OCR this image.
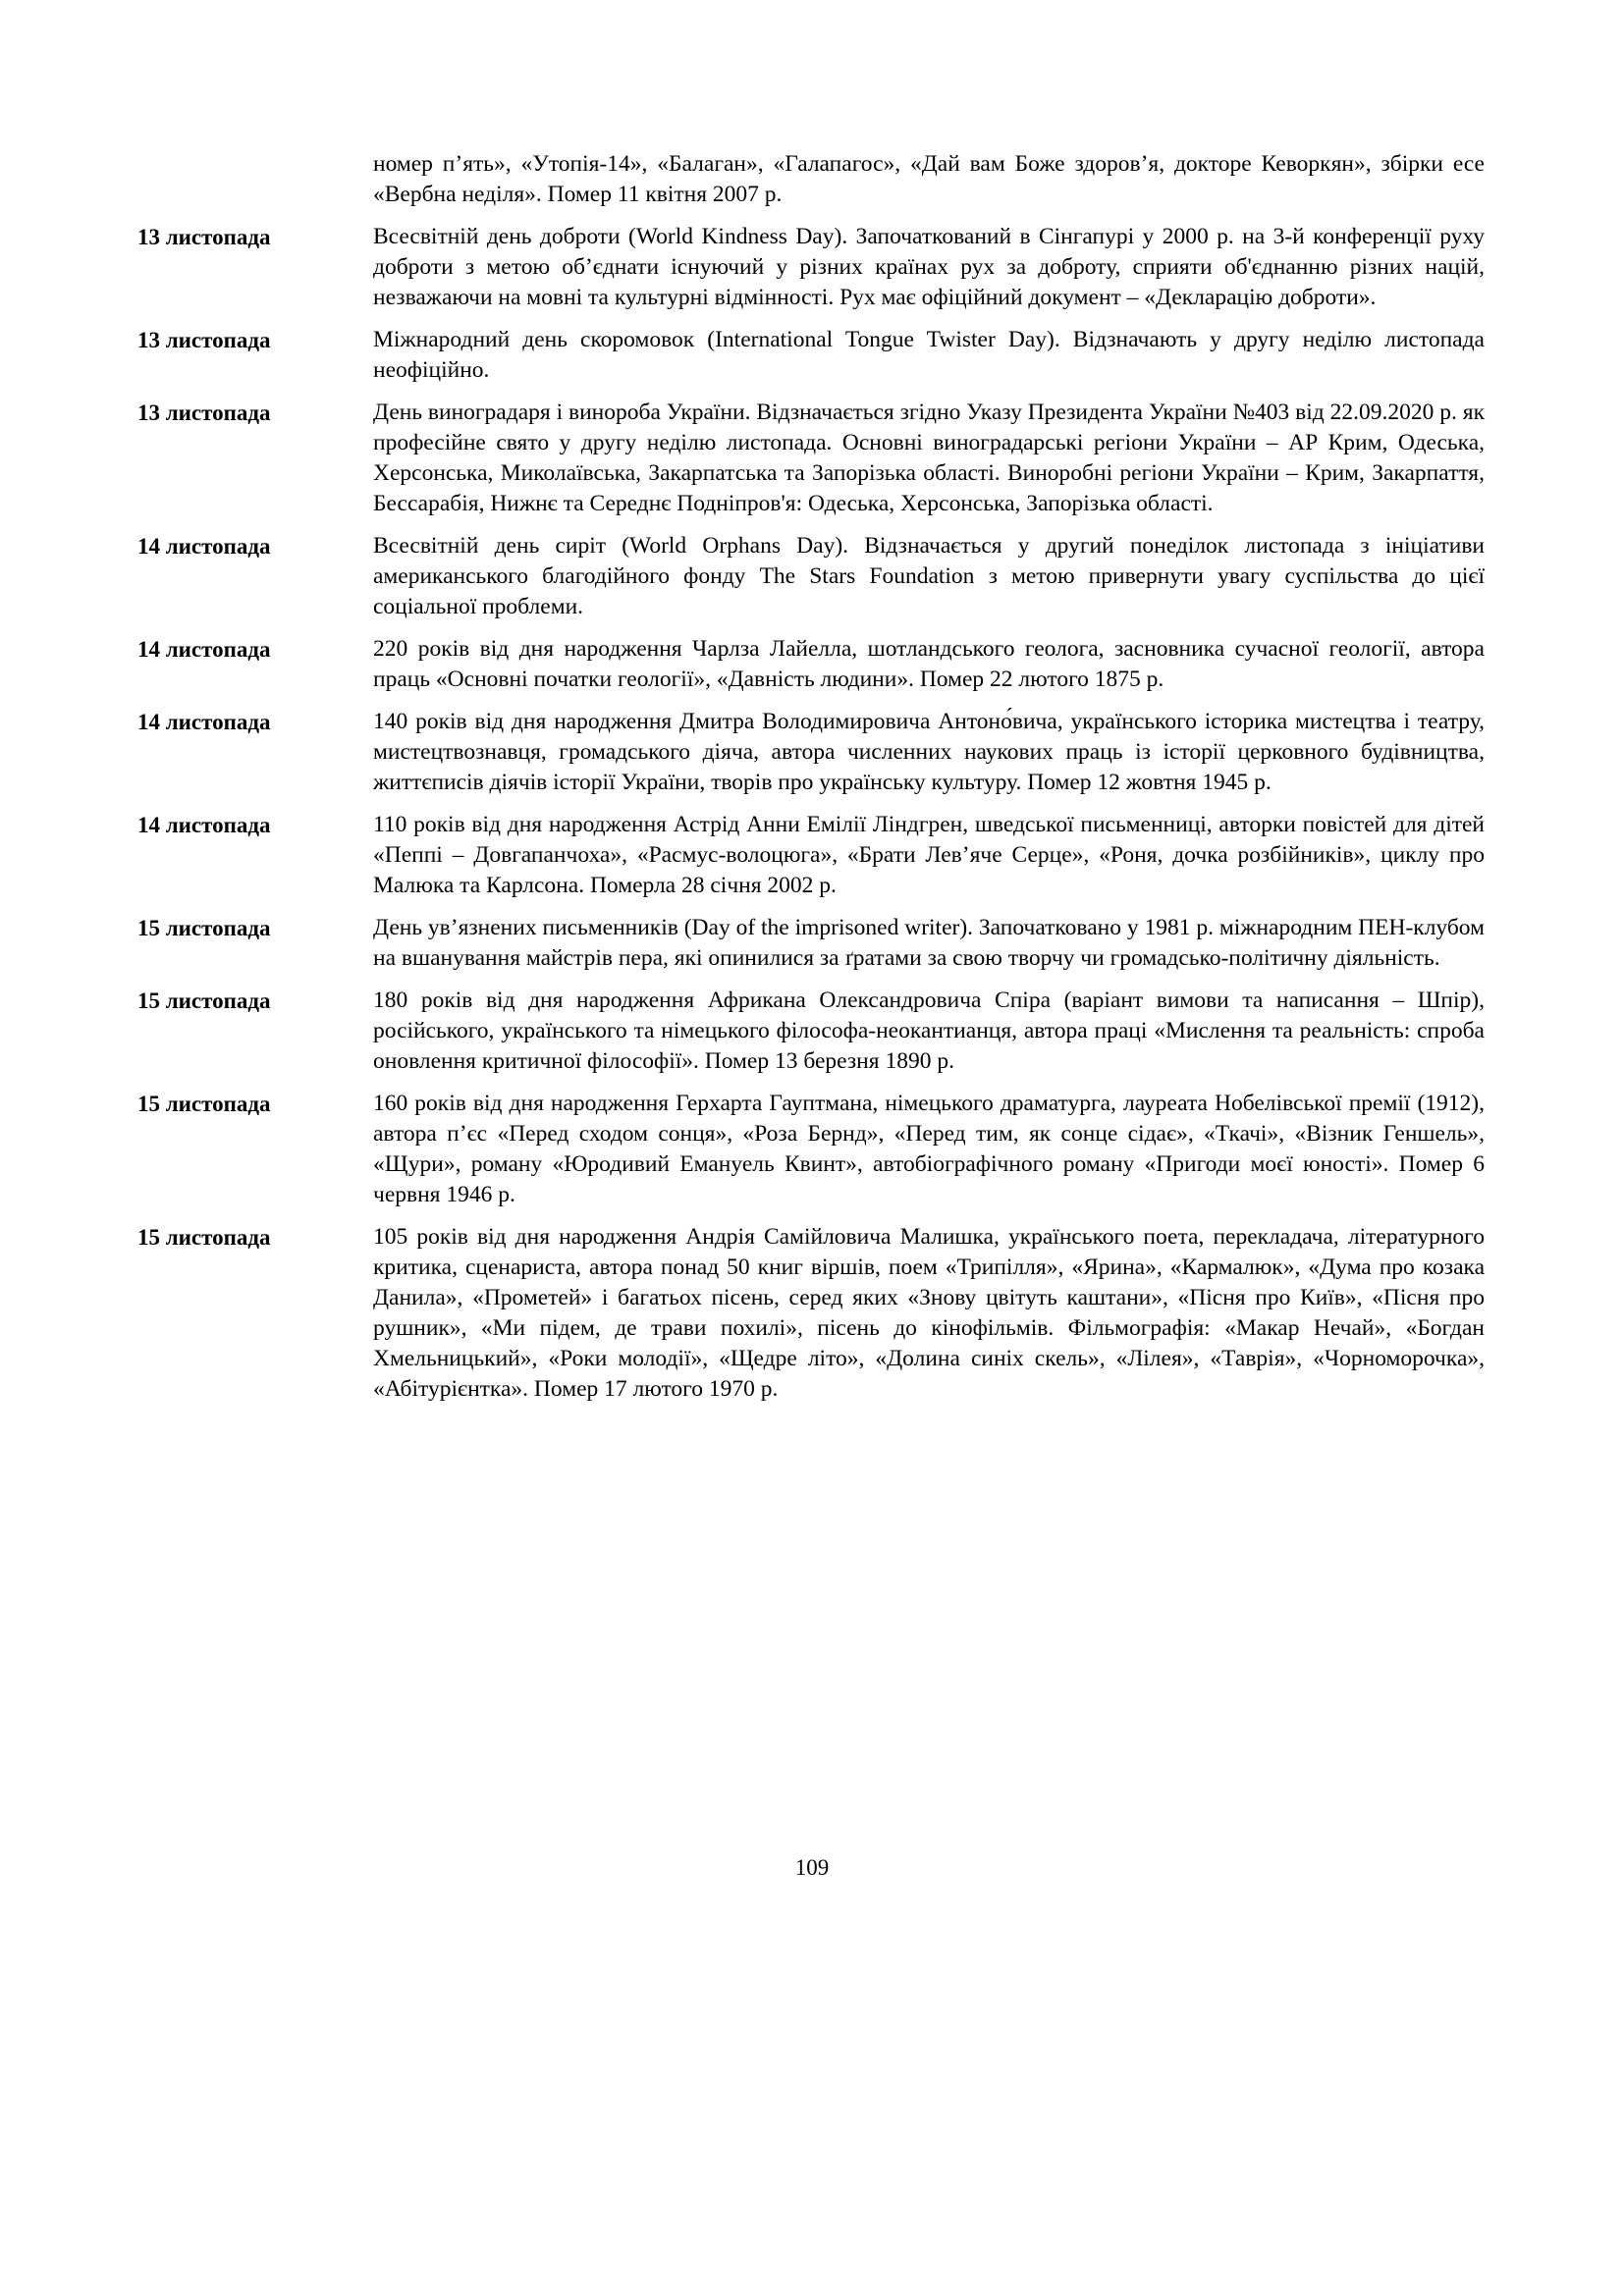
номер п’ять», «Утопія-14», «Балаган», «Галапагос», «Дай вам Боже здоров’я, докторе Кеворкян», збірки есе «Вербна неділя». Помер 11 квітня 2007 р.
13 листопада	Всесвітній день доброти (World Kindness Day). Започаткований в Сінгапурі у 2000 р. на 3-й конференції руху доброти з метою об’єднати існуючий у різних країнах рух за доброту, сприяти об'єднанню різних націй, незважаючи на мовні та культурні відмінності. Рух має офіційний документ – «Декларацію доброти».
13 листопада	Міжнародний день скоромовок (International Tongue Twister Day). Відзначають у другу неділю листопада неофіційно.
13 листопада	День виноградаря і винороба України. Відзначається згідно Указу Президента України №403 від 22.09.2020 р. як професійне свято у другу неділю листопада. Основні виноградарські регіони України – АР Крим, Одеська, Херсонська, Миколаївська, Закарпатська та Запорізька області. Виноробні регіони України – Крим, Закарпаття, Бессарабія, Нижнє та Середнє Подніпров'я: Одеська, Херсонська, Запорізька області.
14 листопада	Всесвітній день сиріт (World Orphans Day). Відзначається у другий понеділок листопада з ініціативи американського благодійного фонду The Stars Foundation з метою привернути увагу суспільства до цієї соціальної проблеми.
14 листопада	220 років від дня народження Чарлза Лайелла, шотландського геолога, засновника сучасної геології, автора праць «Основні початки геології», «Давність людини». Помер 22 лютого 1875 р.
14 листопада	140 років від дня народження Дмитра Володимировича Антоно́вича, українського історика мистецтва і театру, мистецтвознавця, громадського діяча, автора численних наукових праць із історії церковного будівництва, життєписів діячів історії України, творів про українську культуру. Помер 12 жовтня 1945 р.
14 листопада	110 років від дня народження Астрід Анни Емілії Ліндгрен, шведської письменниці, авторки повістей для дітей «Пеппі – Довгапанчоха», «Расмус-волоцюга», «Брати Лев’яче Серце», «Роня, дочка розбійників», циклу про Малюка та Карлсона. Померла 28 січня 2002 р.
15 листопада	День ув’язнених письменників (Day of the imprisoned writer). Започатковано у 1981 р. міжнародним ПЕН-клубом на вшанування майстрів пера, які опинилися за ґратами за свою творчу чи громадсько-політичну діяльність.
15 листопада	180 років від дня народження Африкана Олександровича Спіра (варіант вимови та написання – Шпір), російського, українського та німецького філософа-неокантианця, автора праці «Мислення та реальність: спроба оновлення критичної філософії». Помер 13 березня 1890 р.
15 листопада	160 років від дня народження Герхарта Гауптмана, німецького драматурга, лауреата Нобелівської премії (1912), автора п’єс «Перед сходом сонця», «Роза Бернд», «Перед тим, як сонце сідає», «Ткачі», «Візник Геншель», «Щури», роману «Юродивий Емануель Квинт», автобіографічного роману «Пригоди моєї юності». Помер 6 червня 1946 р.
15 листопада	105 років від дня народження Андрія Самійловича Малишка, українського поета, перекладача, літературного критика, сценариста, автора понад 50 книг віршів, поем «Трипілля», «Ярина», «Кармалюк», «Дума про козака Данила», «Прометей» і багатьох пісень, серед яких «Знову цвітуть каштани», «Пісня про Київ», «Пісня про рушник», «Ми підем, де трави похилі», пісень до кінофільмів. Фільмографія: «Макар Нечай», «Богдан Хмельницький», «Роки молодії», «Щедре літо», «Долина синіх скель», «Лілея», «Таврія», «Чорноморочка», «Абітурієнтка». Помер 17 лютого 1970 р.
109
